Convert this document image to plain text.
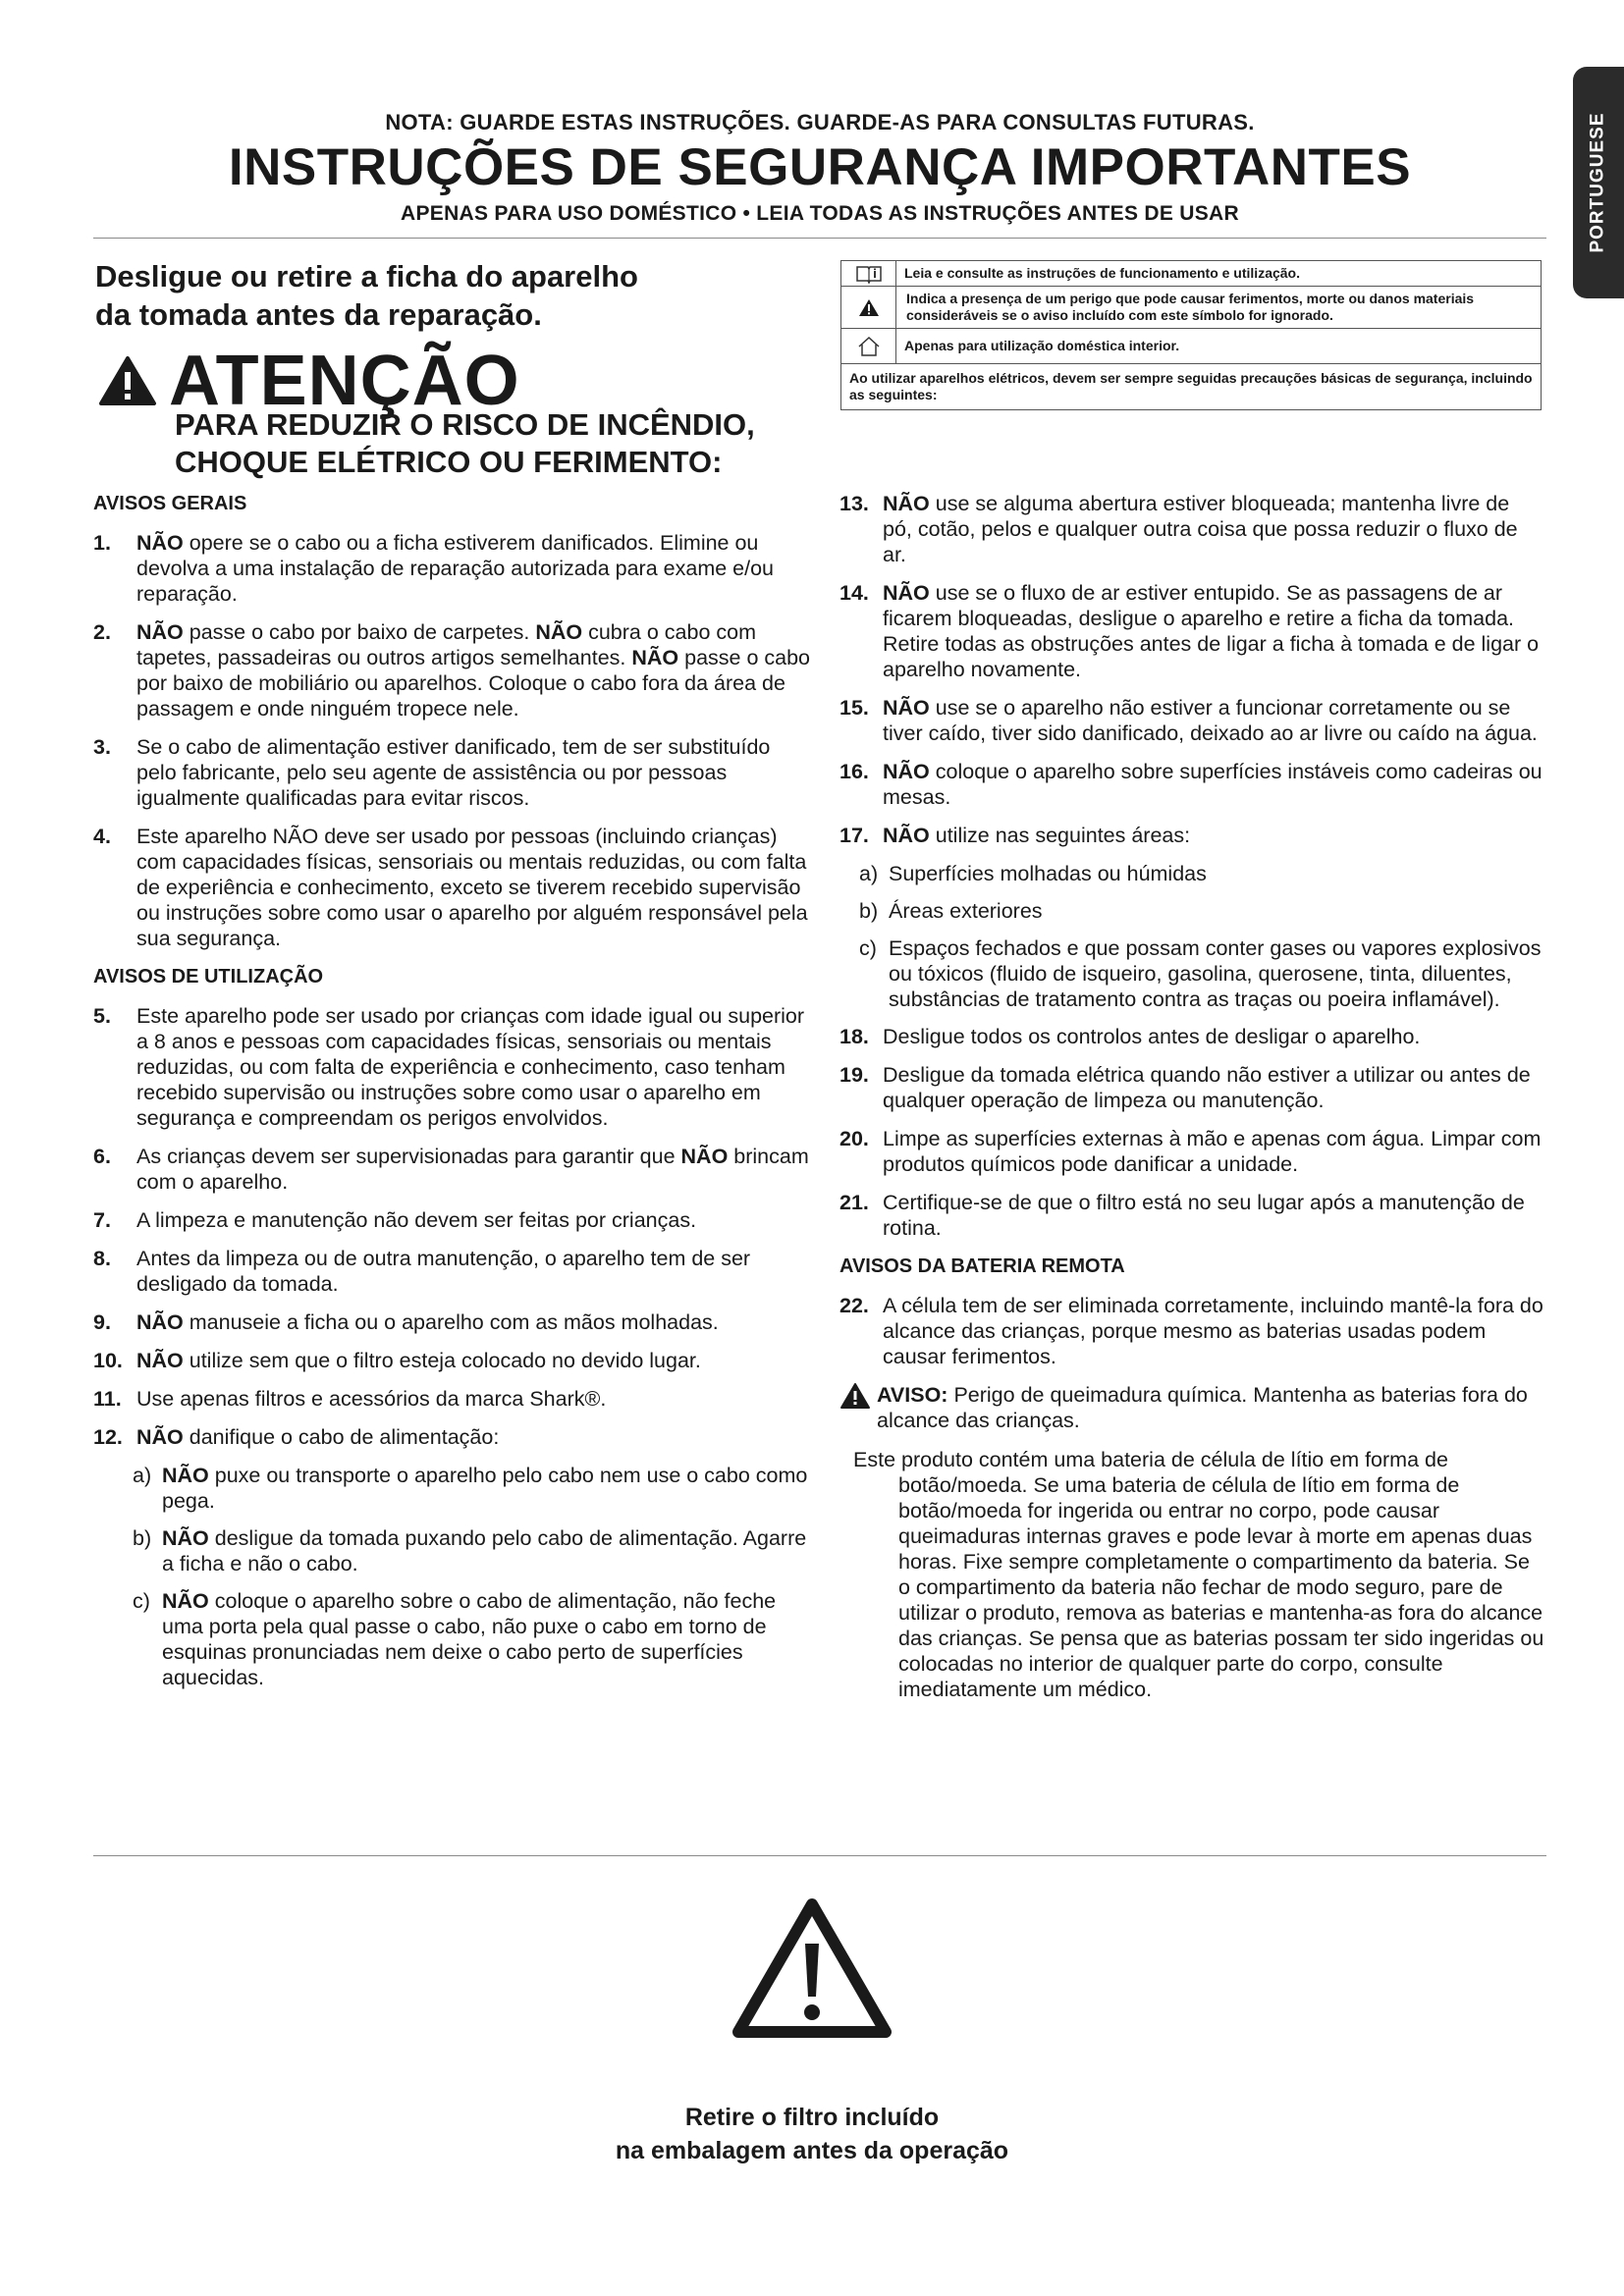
PORTUGUESE
NOTA: GUARDE ESTAS INSTRUÇÕES. GUARDE-AS PARA CONSULTAS FUTURAS.
INSTRUÇÕES DE SEGURANÇA IMPORTANTES
APENAS PARA USO DOMÉSTICO • LEIA TODAS AS INSTRUÇÕES ANTES DE USAR
Desligue ou retire a ficha do aparelho
da tomada antes da reparação.
ATENÇÃO
PARA REDUZIR O RISCO DE INCÊNDIO,
CHOQUE ELÉTRICO OU FERIMENTO:
Leia e consulte as instruções de funcionamento e utilização.
Indica a presença de um perigo que pode causar ferimentos, morte ou danos materiais consideráveis se o aviso incluído com este símbolo for ignorado.
Apenas para utilização doméstica interior.
Ao utilizar aparelhos elétricos, devem ser sempre seguidas precauções básicas de segurança, incluindo as seguintes:
AVISOS GERAIS
1.	NÃO opere se o cabo ou a ficha estiverem danificados. Elimine ou devolva a uma instalação de reparação autorizada para exame e/ou reparação.
2.	NÃO passe o cabo por baixo de carpetes. NÃO cubra o cabo com tapetes, passadeiras ou outros artigos semelhantes. NÃO passe o cabo por baixo de mobiliário ou aparelhos. Coloque o cabo fora da área de passagem e onde ninguém tropece nele.
3.	Se o cabo de alimentação estiver danificado, tem de ser substituído pelo fabricante, pelo seu agente de assistência ou por pessoas igualmente qualificadas para evitar riscos.
4.	Este aparelho NÃO deve ser usado por pessoas (incluindo crianças) com capacidades físicas, sensoriais ou mentais reduzidas, ou com falta de experiência e conhecimento, exceto se tiverem recebido supervisão ou instruções sobre como usar o aparelho por alguém responsável pela sua segurança.
AVISOS DE UTILIZAÇÃO
5.	Este aparelho pode ser usado por crianças com idade igual ou superior a 8 anos e pessoas com capacidades físicas, sensoriais ou mentais reduzidas, ou com falta de experiência e conhecimento, caso tenham recebido supervisão ou instruções sobre como usar o aparelho em segurança e compreendam os perigos envolvidos.
6.	As crianças devem ser supervisionadas para garantir que NÃO brincam com o aparelho.
7.	A limpeza e manutenção não devem ser feitas por crianças.
8.	Antes da limpeza ou de outra manutenção, o aparelho tem de ser desligado da tomada.
9.	NÃO manuseie a ficha ou o aparelho com as mãos molhadas.
10. NÃO utilize sem que o filtro esteja colocado no devido lugar.
11. Use apenas filtros e acessórios da marca Shark®.
12. NÃO danifique o cabo de alimentação:
a) NÃO puxe ou transporte o aparelho pelo cabo nem use o cabo como pega.
b) NÃO desligue da tomada puxando pelo cabo de alimentação. Agarre a ficha e não o cabo.
c) NÃO coloque o aparelho sobre o cabo de alimentação, não feche uma porta pela qual passe o cabo, não puxe o cabo em torno de esquinas pronunciadas nem deixe o cabo perto de superfícies aquecidas.
13. NÃO use se alguma abertura estiver bloqueada; mantenha livre de pó, cotão, pelos e qualquer outra coisa que possa reduzir o fluxo de ar.
14. NÃO use se o fluxo de ar estiver entupido. Se as passagens de ar ficarem bloqueadas, desligue o aparelho e retire a ficha da tomada. Retire todas as obstruções antes de ligar a ficha à tomada e de ligar o aparelho novamente.
15. NÃO use se o aparelho não estiver a funcionar corretamente ou se tiver caído, tiver sido danificado, deixado ao ar livre ou caído na água.
16. NÃO coloque o aparelho sobre superfícies instáveis como cadeiras ou mesas.
17. NÃO utilize nas seguintes áreas:
a) Superfícies molhadas ou húmidas
b) Áreas exteriores
c) Espaços fechados e que possam conter gases ou vapores explosivos ou tóxicos (fluido de isqueiro, gasolina, querosene, tinta, diluentes, substâncias de tratamento contra as traças ou poeira inflamável).
18. Desligue todos os controlos antes de desligar o aparelho.
19. Desligue da tomada elétrica quando não estiver a utilizar ou antes de qualquer operação de limpeza ou manutenção.
20. Limpe as superfícies externas à mão e apenas com água. Limpar com produtos químicos pode danificar a unidade.
21. Certifique-se de que o filtro está no seu lugar após a manutenção de rotina.
AVISOS DA BATERIA REMOTA
22. A célula tem de ser eliminada corretamente, incluindo mantê-la fora do alcance das crianças, porque mesmo as baterias usadas podem causar ferimentos.
AVISO: Perigo de queimadura química. Mantenha as baterias fora do alcance das crianças.
Este produto contém uma bateria de célula de lítio em forma de botão/moeda. Se uma bateria de célula de lítio em forma de botão/moeda for ingerida ou entrar no corpo, pode causar queimaduras internas graves e pode levar à morte em apenas duas horas. Fixe sempre completamente o compartimento da bateria. Se o compartimento da bateria não fechar de modo seguro, pare de utilizar o produto, remova as baterias e mantenha-as fora do alcance das crianças. Se pensa que as baterias possam ter sido ingeridas ou colocadas no interior de qualquer parte do corpo, consulte imediatamente um médico.
Retire o filtro incluído
na embalagem antes da operação
